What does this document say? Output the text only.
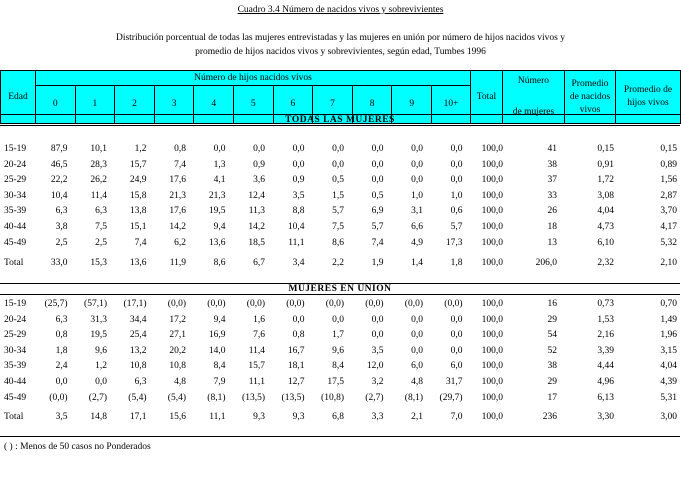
Cuadro 3.4 Número de nacidos vivos y sobrevivientes
Distribución porcentual de todas las mujeres entrevistadas y las mujeres en unión por número de hijos nacidos vivos y
promedio de hijos nacidos vivos y sobrevivientes, según edad, Tumbes 1996
Edad
Número de hijos nacidos vivos
0	1	2	3	4	5	6	7	8	9	10+
Total
Número
de mujeres
Promedio de nacidos vivos
Promedio de hijos vivos
TODAS LAS MUJERES
15-19	87,9	10,1	1,2	0,8	0,0	0,0	0,0	0,0	0,0	0,0	0,0	100,0	41	0,15	0,15
20-24	46,5	28,3	15,7	7,4	1,3	0,9	0,0	0,0	0,0	0,0	0,0	100,0	38	0,91	0,89
25-29	22,2	26,2	24,9	17,6	4,1	3,6	0,9	0,5	0,0	0,0	0,0	100,0	37	1,72	1,56
30-34	10,4	11,4	15,8	21,3	21,3	12,4	3,5	1,5	0,5	1,0	1,0	100,0	33	3,08	2,87
35-39	6,3	6,3	13,8	17,6	19,5	11,3	8,8	5,7	6,9	3,1	0,6	100,0	26	4,04	3,70
40-44	3,8	7,5	15,1	14,2	9,4	14,2	10,4	7,5	5,7	6,6	5,7	100,0	18	4,73	4,17
45-49	2,5	2,5	7,4	6,2	13,6	18,5	11,1	8,6	7,4	4,9	17,3	100,0	13	6,10	5,32
Total	33,0	15,3	13,6	11,9	8,6	6,7	3,4	2,2	1,9	1,4	1,8	100,0	206,0	2,32	2,10
MUJERES EN UNION
15-19	(25,7)	(57,1)	(17,1)	(0,0)	(0,0)	(0,0)	(0,0)	(0,0)	(0,0)	(0,0)	(0,0)	100,0	16	0,73	0,70
20-24	6,3	31,3	34,4	17,2	9,4	1,6	0,0	0,0	0,0	0,0	0,0	100,0	29	1,53	1,49
25-29	0,8	19,5	25,4	27,1	16,9	7,6	0,8	1,7	0,0	0,0	0,0	100,0	54	2,16	1,96
30-34	1,8	9,6	13,2	20,2	14,0	11,4	16,7	9,6	3,5	0,0	0,0	100,0	52	3,39	3,15
35-39	2,4	1,2	10,8	10,8	8,4	15,7	18,1	8,4	12,0	6,0	6,0	100,0	38	4,44	4,04
40-44	0,0	0,0	6,3	4,8	7,9	11,1	12,7	17,5	3,2	4,8	31,7	100,0	29	4,96	4,39
45-49	(0,0)	(2,7)	(5,4)	(5,4)	(8,1)	(13,5)	(13,5)	(10,8)	(2,7)	(8,1)	(29,7)	100,0	17	6,13	5,31
Total	3,5	14,8	17,1	15,6	11,1	9,3	9,3	6,8	3,3	2,1	7,0	100,0	236	3,30	3,00
( ) : Menos de 50 casos no Ponderados
